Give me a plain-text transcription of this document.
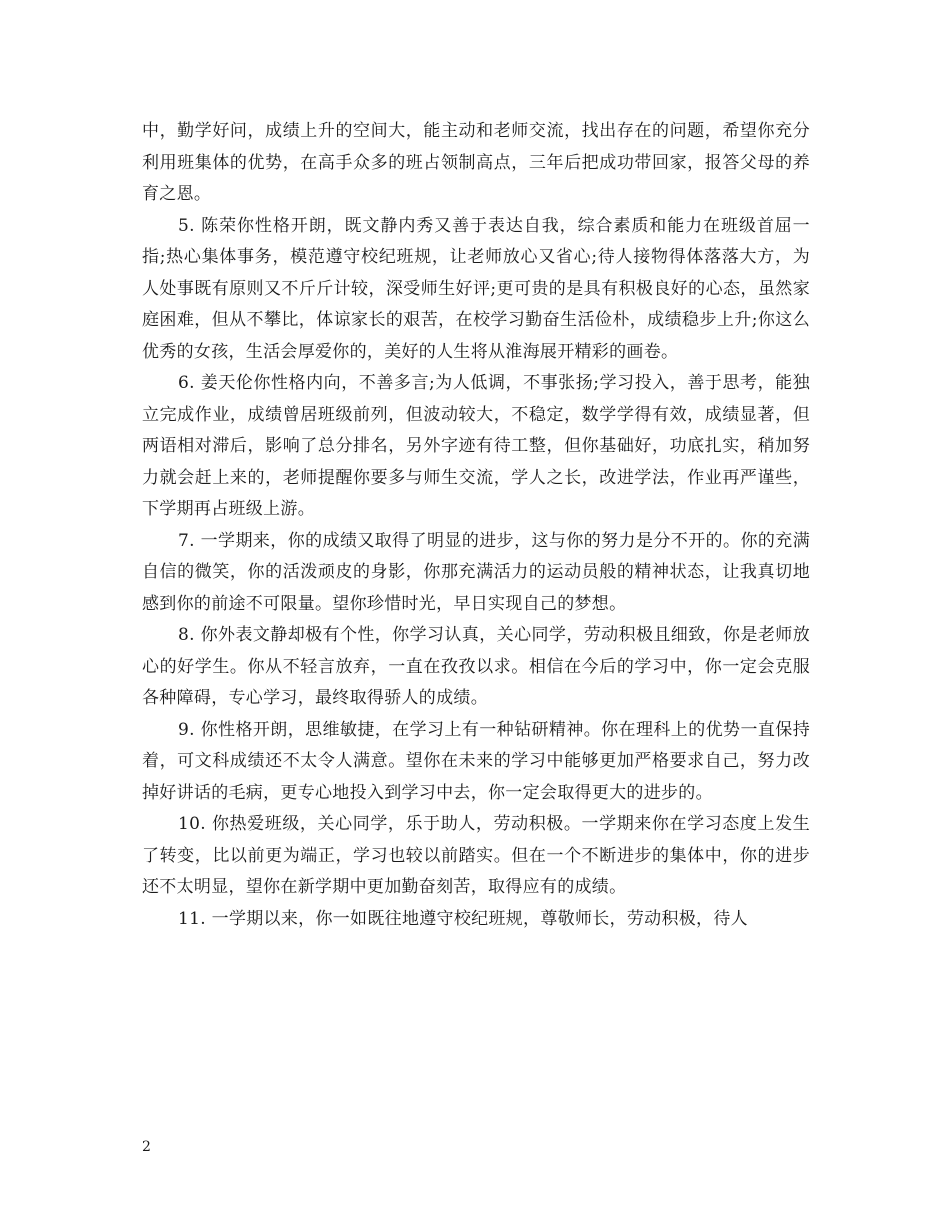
中，勤学好问，成绩上升的空间大，能主动和老师交流，找出存在的问题，希望你充分利用班集体的优势，在高手众多的班占领制高点，三年后把成功带回家，报答父母的养育之恩。

5. 陈荣你性格开朗，既文静内秀又善于表达自我，综合素质和能力在班级首屈一指;热心集体事务，模范遵守校纪班规，让老师放心又省心;待人接物得体落落大方，为人处事既有原则又不斤斤计较，深受师生好评;更可贵的是具有积极良好的心态，虽然家庭困难，但从不攀比，体谅家长的艰苦，在校学习勤奋生活俭朴，成绩稳步上升;你这么优秀的女孩，生活会厚爱你的，美好的人生将从淮海展开精彩的画卷。

6. 姜天伦你性格内向，不善多言;为人低调，不事张扬;学习投入，善于思考，能独立完成作业，成绩曾居班级前列，但波动较大，不稳定，数学学得有效，成绩显著，但两语相对滞后，影响了总分排名，另外字迹有待工整，但你基础好，功底扎实，稍加努力就会赶上来的，老师提醒你要多与师生交流，学人之长，改进学法，作业再严谨些，下学期再占班级上游。

7. 一学期来，你的成绩又取得了明显的进步，这与你的努力是分不开的。你的充满自信的微笑，你的活泼顽皮的身影，你那充满活力的运动员般的精神状态，让我真切地感到你的前途不可限量。望你珍惜时光，早日实现自己的梦想。

8. 你外表文静却极有个性，你学习认真，关心同学，劳动积极且细致，你是老师放心的好学生。你从不轻言放弃，一直在孜孜以求。相信在今后的学习中，你一定会克服各种障碍，专心学习，最终取得骄人的成绩。

9. 你性格开朗，思维敏捷，在学习上有一种钻研精神。你在理科上的优势一直保持着，可文科成绩还不太令人满意。望你在未来的学习中能够更加严格要求自己，努力改掉好讲话的毛病，更专心地投入到学习中去，你一定会取得更大的进步的。

10. 你热爱班级，关心同学，乐于助人，劳动积极。一学期来你在学习态度上发生了转变，比以前更为端正，学习也较以前踏实。但在一个不断进步的集体中，你的进步还不太明显，望你在新学期中更加勤奋刻苦，取得应有的成绩。

11. 一学期以来，你一如既往地遵守校纪班规，尊敬师长，劳动积极，待人

2
